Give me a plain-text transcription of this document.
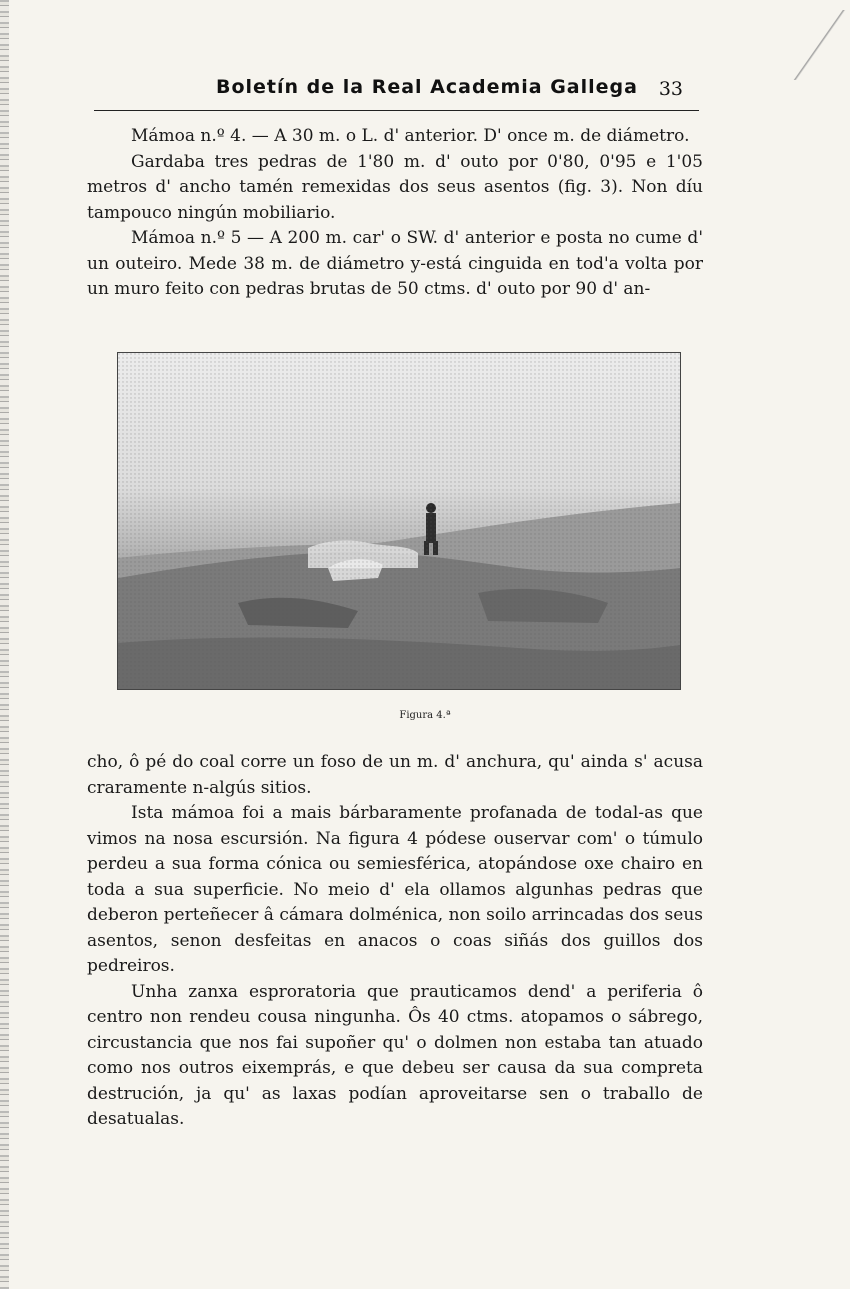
Boletín de la Real Academia Gallega 33

Mámoa n.º 4. — A 30 m. o L. d' anterior. D' once m. de diámetro.

Gardaba tres pedras de 1'80 m. d' outo por 0'80, 0'95 e 1'05 metros d' ancho tamén remexidas dos seus asentos (fig. 3). Non díu tampouco ningún mobiliario.

Mámoa n.º 5 — A 200 m. car' o SW. d' anterior e posta no cume d' un outeiro. Mede 38 m. de diámetro y-está cinguida en tod'a volta por un muro feito con pedras brutas de 50 ctms. d' outo por 90 d' an-

Figura 4.ª

cho, ô pé do coal corre un foso de un m. d' anchura, qu' ainda s' acusa craramente n-algús sitios.

Ista mámoa foi a mais bárbaramente profanada de todal-as que vimos na nosa escursión. Na figura 4 pódese ouservar com' o túmulo perdeu a sua forma cónica ou semiesférica, atopándose oxe chairo en toda a sua superficie. No meio d' ela ollamos algunhas pedras que deberon perteñecer â cámara dolménica, non soilo arrincadas dos seus asentos, senon desfeitas en anacos o coas siñás dos guillos dos pedreiros.

Unha zanxa esproratoria que prauticamos dend' a periferia ô centro non rendeu cousa ningunha. Ôs 40 ctms. atopamos o sábrego, circustancia que nos fai supoñer qu' o dolmen non estaba tan atuado como nos outros eixemprás, e que debeu ser causa da sua compreta destrución, ja qu' as laxas podían aproveitarse sen o traballo de desatualas.
